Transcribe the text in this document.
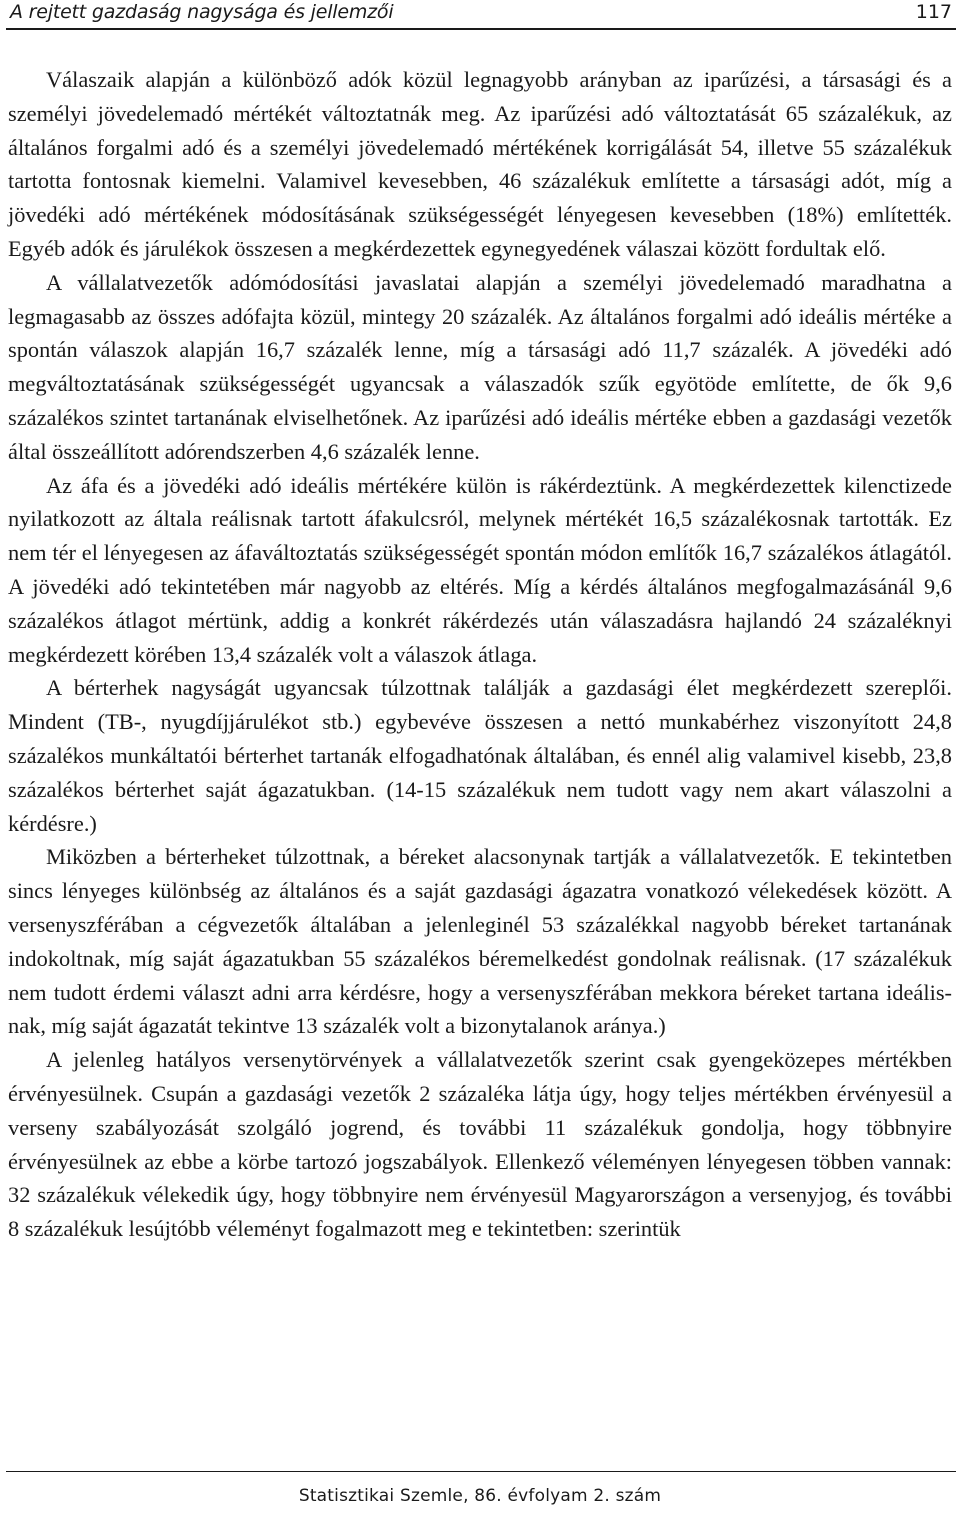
A rejtett gazdaság nagysága és jellemzői	117

Válaszaik alapján a különböző adók közül legnagyobb arányban az iparűzési, a társasági és a személyi jövedelemadó mértékét változtatnák meg. Az iparűzési adó változtatását 65 százalékuk, az általános forgalmi adó és a személyi jövedelemadó mértékének korrigálását 54, illetve 55 százalékuk tartotta fontosnak kiemelni. Valamivel kevesebben, 46 százalékuk említette a társasági adót, míg a jövedéki adó mértékének módosításának szükségességét lényegesen kevesebben (18%) említették. Egyéb adók és járulékok összesen a megkérdezettek egynegyedének válaszai között fordultak elő.

A vállalatvezetők adómódosítási javaslatai alapján a személyi jövedelemadó maradhatna a legmagasabb az összes adófajta közül, mintegy 20 százalék. Az általános forgalmi adó ideális mértéke a spontán válaszok alapján 16,7 százalék lenne, míg a társasági adó 11,7 százalék. A jövedéki adó megváltoztatásának szükségességét ugyancsak a válaszadók szűk egyötöde említette, de ők 9,6 százalékos szintet tartanának elviselhetőnek. Az iparűzési adó ideális mértéke ebben a gazdasági vezetők által összeállított adórendszerben 4,6 százalék lenne.

Az áfa és a jövedéki adó ideális mértékére külön is rákérdeztünk. A megkérdezettek kilenctizede nyilatkozott az általa reálisnak tartott áfakulcsról, melynek mértékét 16,5 százalékosnak tartották. Ez nem tér el lényegesen az áfaváltoztatás szükségességét spontán módon említők 16,7 százalékos átlagától. A jövedéki adó tekintetében már nagyobb az eltérés. Míg a kérdés általános megfogalmazásánál 9,6 százalékos átlagot mértünk, addig a konkrét rákérdezés után válaszadásra hajlandó 24 százaléknyi megkérdezett körében 13,4 százalék volt a válaszok átlaga.

A bérterhek nagyságát ugyancsak túlzottnak találják a gazdasági élet megkérdezett szereplői. Mindent (TB-, nyugdíjjárulékot stb.) egybevéve összesen a nettó munkabérhez viszonyított 24,8 százalékos munkáltatói bérterhet tartanák elfogadhatónak általában, és ennél alig valamivel kisebb, 23,8 százalékos bérterhet saját ágazatukban. (14-15 százalékuk nem tudott vagy nem akart válaszolni a kérdésre.)

Miközben a bérterheket túlzottnak, a béreket alacsonynak tartják a vállalatvezetők. E tekintetben sincs lényeges különbség az általános és a saját gazdasági ágazatra vonatkozó vélekedések között. A versenyszférában a cégvezetők általában a jelenleginél 53 százalékkal nagyobb béreket tartanának indokoltnak, míg saját ágazatukban 55 százalékos béremelkedést gondolnak reálisnak. (17 százalékuk nem tudott érdemi választ adni arra kérdésre, hogy a versenyszférában mekkora béreket tartana ideálisnak, míg saját ágazatát tekintve 13 százalék volt a bizonytalanok aránya.)

A jelenleg hatályos versenytörvények a vállalatvezetők szerint csak gyengeközepes mértékben érvényesülnek. Csupán a gazdasági vezetők 2 százaléka látja úgy, hogy teljes mértékben érvényesül a verseny szabályozását szolgáló jogrend, és további 11 százalékuk gondolja, hogy többnyire érvényesülnek az ebbe a körbe tartozó jogszabályok. Ellenkező véleményen lényegesen többen vannak: 32 százalékuk vélekedik úgy, hogy többnyire nem érvényesül Magyarországon a versenyjog, és további 8 százalékuk lesújtóbb véleményt fogalmazott meg e tekintetben: szerintük

Statisztikai Szemle, 86. évfolyam 2. szám
